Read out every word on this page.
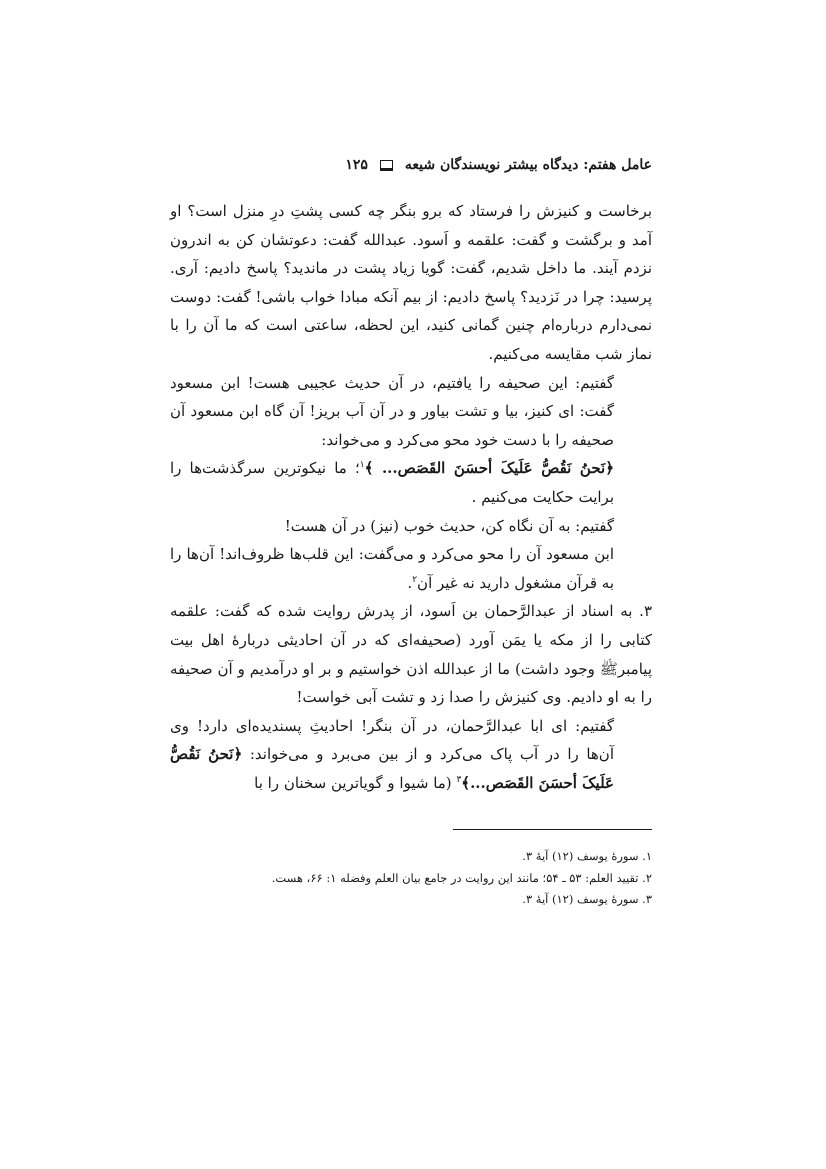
عامل هفتم: دیدگاه بیشتر نویسندگان شیعه
۱۲۵

برخاست و کنیزش را فرستاد که برو بنگر چه کسی پشتِ درِ منزل است؟ او آمد و برگشت و گفت: علقمه و اَسود. عبدالله گفت: دعوتشان کن به اندرون نزدم آیند. ما داخل شدیم، گفت: گویا زیاد پشت در ماندید؟ پاسخ دادیم: آری. پرسید: چرا در نَزدید؟ پاسخ دادیم: از بیم آنکه مبادا خواب باشی! گفت: دوست نمی‌دارم درباره‌ام چنین گمانی کنید، این لحظه، ساعتی است که ما آن را با نماز شب مقایسه می‌کنیم.

گفتیم: این صحیفه را یافتیم، در آن حدیث عجیبی هست! ابن مسعود گفت: ای کنیز، بیا و تشت بیاور و در آن آب بریز! آن گاه ابن مسعود آن صحیفه را با دست خود محو می‌کرد و می‌خواند:
﴿نَحنُ نَقُصُّ عَلَیکَ أحسَنَ القَصَص... ﴾$^۱$؛ ما نیکوترین سرگذشت‌ها را برایت حکایت می‌کنیم .

گفتیم: به آن نگاه کن، حدیث خوب (نیز) در آن هست!

ابن مسعود آن را محو می‌کرد و می‌گفت: این قلب‌ها ظروف‌اند! آن‌ها را به قرآن مشغول دارید نه غیر آن$^۲$.

۳. به اسناد از عبدالرَّحمان بن اَسود، از پدرش روایت شده که گفت: علقمه کتابی را از مکه یا یمَن آورد (صحیفه‌ای که در آن احادیثی دربارهٔ اهل بیت پیامبرﷺ وجود داشت) ما از عبدالله اذن خواستیم و بر او درآمدیم و آن صحیفه را به او دادیم. وی کنیزش را صدا زد و تشت آبی خواست!

گفتیم: ای ابا عبدالرَّحمان، در آن بنگر! احادیثِ پسندیده‌ای دارد! وی آن‌ها را در آب پاک می‌کرد و از بین می‌برد و می‌خواند: ﴿نَحنُ نَقُصُّ عَلَیکَ أحسَنَ القَصَص...﴾$^۳$ (ما شیوا و گویاترین سخنان را با

۱. سورهٔ یوسف (۱۲) آیهٔ ۳.
۲. تقیید العلم: ۵۳ ـ ۵۴؛ مانند این روایت در جامع بیان العلم وفضله ۱: ۶۶، هست.
۳. سورهٔ یوسف (۱۲) آیهٔ ۳.
